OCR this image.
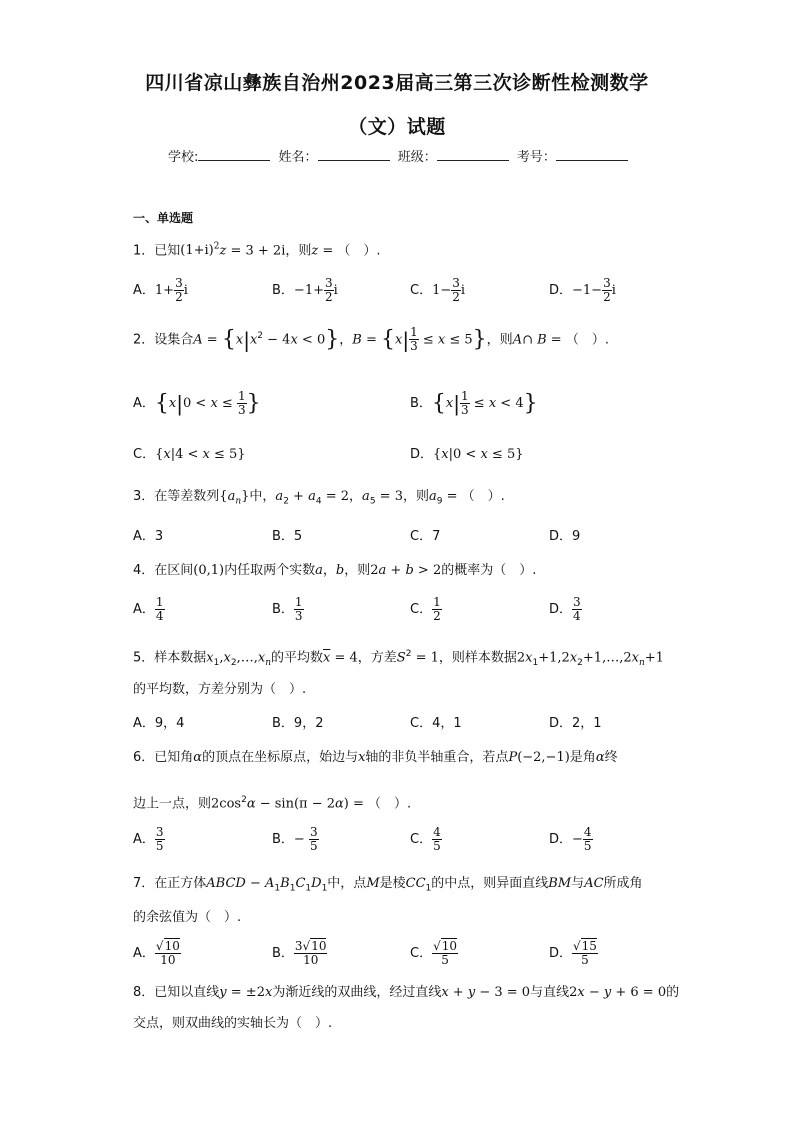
四川省凉山彝族自治州2023届高三第三次诊断性检测数学
（文）试题
学校:	姓名：	班级：	考号：
一、单选题
1．已知$(1+i)^2z = 3 + 2i$，则z = （　）.
A．$1+ \frac{3}{2}$ i	B．$-1+ \frac{3}{2}$ i	C．$1- \frac{3}{2}$ i	D．$-1- \frac{3}{2}$ i
2．设集合$A = \{x|x^2 - 4x < 0\}$，$B = \{x| \frac{1}{3} \le x \le 5\}$，则A∩ B = （　）.
A．{$x|0 < x \le \frac{1}{3}$ }	B．$\{x| \frac{1}{3} \le x < 4\}$
C．{x|4 < x ≤ 5}	D．{x|0 < x ≤ 5}
3．在等差数列$\{a_n\}$中，$a_2 + a_4 = 2$，$a_5 = 3$，则$a_9$ = （　）.
A．3	B．5	C．7	D．9
4．在区间(0,1)内任取两个实数a，b，则2a + b > 2的概率为（　）.
A． $\frac{1}{4}$	B． $\frac{1}{3}$	C． $\frac{1}{2}$	D． $\frac{3}{4}$
5．样本数据$x_1,x_2,\dots,x_n$的平均数$\overline{x} = 4$，方差$S^2 = 1$，则样本数据$2x_1+1,2x_2+1,\dots,2x_n+1$
的平均数，方差分别为（　）.
A．9，4	B．9，2	C．4，1	D．2，1
6．已知角α的顶点在坐标原点，始边与x轴的非负半轴重合，若点P(−2,−1)是角α终
边上一点，则$2\cos^2\alpha - \sin(\pi - 2\alpha)$ = （　）.
A． $\frac{3}{5}$	B．− $\frac{3}{5}$	C． $\frac{4}{5}$	D．− $\frac{4}{5}$
7．在正方体ABCD − $A_1B_1C_1D_1$中，点M是棱$CC_1$的中点，则异面直线BM与AC所成角
的余弦值为（　）.
A． $\frac{√10}{10}$	B． $\frac{3√10}{10}$	C． $\frac{√10}{5}$	D． $\frac{√15}{5}$
8．已知以直线y = ±2x为渐近线的双曲线，经过直线x + y − 3 = 0与直线2x − y + 6 = 0的
交点，则双曲线的实轴长为（　）.
